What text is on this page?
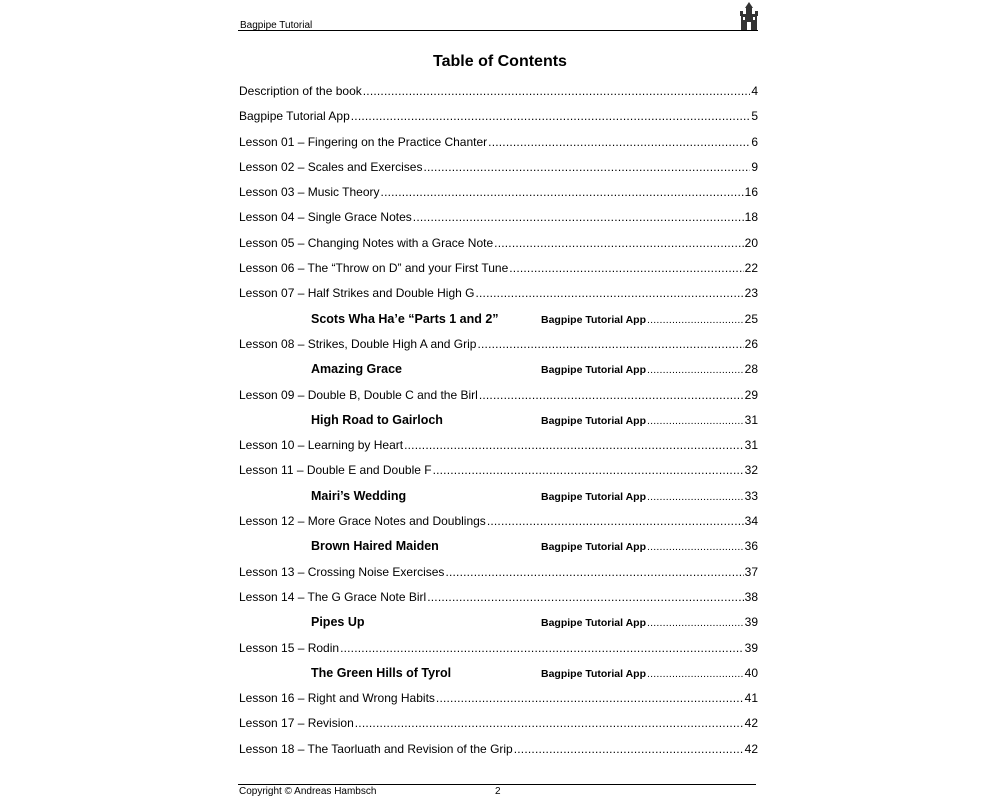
Bagpipe Tutorial
Table of Contents
Description of the book .....	4
Bagpipe Tutorial App .....	5
Lesson 01 – Fingering on the Practice Chanter .....	6
Lesson 02 – Scales and Exercises .....	9
Lesson 03 – Music Theory .....	16
Lesson 04 – Single Grace Notes .....	18
Lesson 05 – Changing Notes with a Grace Note .....	20
Lesson 06 – The “Throw on D” and your First Tune .....	22
Lesson 07 – Half Strikes and Double High G .....	23
Scots Wha Ha’e “Parts 1 and 2”	Bagpipe Tutorial App .....	25
Lesson 08 – Strikes, Double High A and Grip .....	26
Amazing Grace	Bagpipe Tutorial App .....	28
Lesson 09 – Double B, Double C and the Birl .....	29
High Road to Gairloch	Bagpipe Tutorial App .....	31
Lesson 10 – Learning by Heart .....	31
Lesson 11 – Double E and Double F .....	32
Mairi’s Wedding	Bagpipe Tutorial App .....	33
Lesson 12 – More Grace Notes and Doublings .....	34
Brown Haired Maiden	Bagpipe Tutorial App .....	36
Lesson 13 – Crossing Noise Exercises .....	37
Lesson 14 – The G Grace Note Birl .....	38
Pipes Up	Bagpipe Tutorial App .....	39
Lesson 15 – Rodin .....	39
The Green Hills of Tyrol	Bagpipe Tutorial App .....	40
Lesson 16 – Right and Wrong Habits .....	41
Lesson 17 – Revision .....	42
Lesson 18 – The Taorluath and Revision of the Grip .....	42
Copyright © Andreas Hambsch	2
